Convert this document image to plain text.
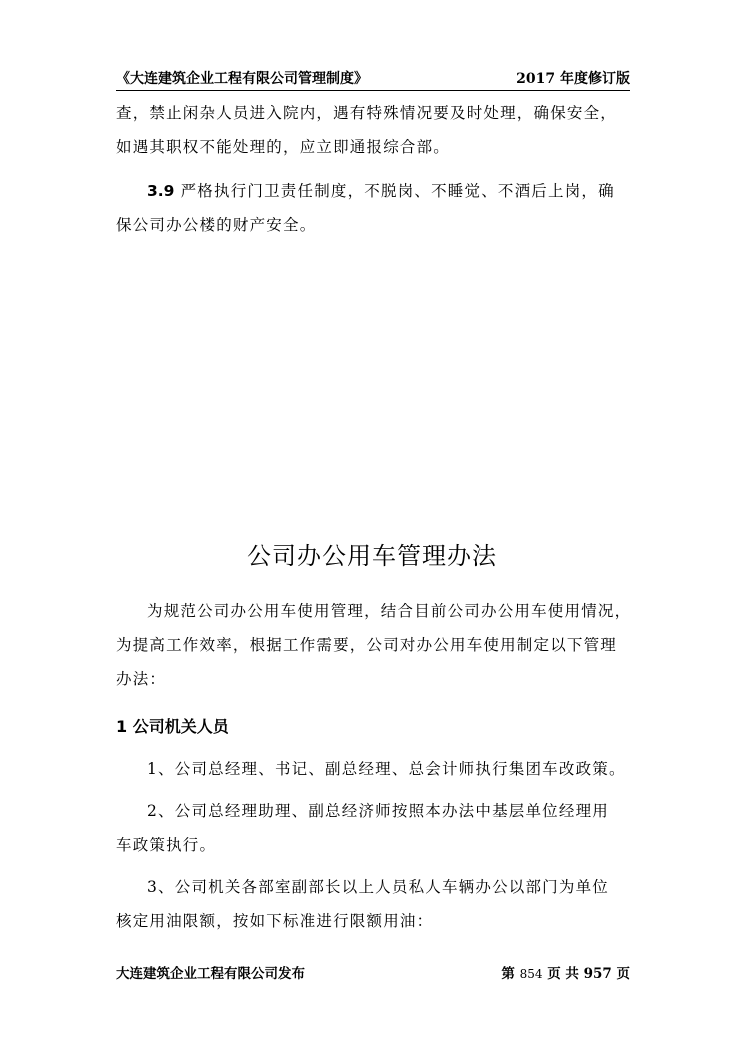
《大连建筑企业工程有限公司管理制度》	2017 年度修订版
查，禁止闲杂人员进入院内，遇有特殊情况要及时处理，确保安全，
如遇其职权不能处理的，应立即通报综合部。
3.9 严格执行门卫责任制度，不脱岗、不睡觉、不酒后上岗，确
保公司办公楼的财产安全。
公司办公用车管理办法
为规范公司办公用车使用管理，结合目前公司办公用车使用情况，
为提高工作效率，根据工作需要，公司对办公用车使用制定以下管理
办法：
1 公司机关人员
1、公司总经理、书记、副总经理、总会计师执行集团车改政策。
2、公司总经理助理、副总经济师按照本办法中基层单位经理用
车政策执行。
3、公司机关各部室副部长以上人员私人车辆办公以部门为单位
核定用油限额，按如下标准进行限额用油：
大连建筑企业工程有限公司发布	第 854 页 共 957 页
